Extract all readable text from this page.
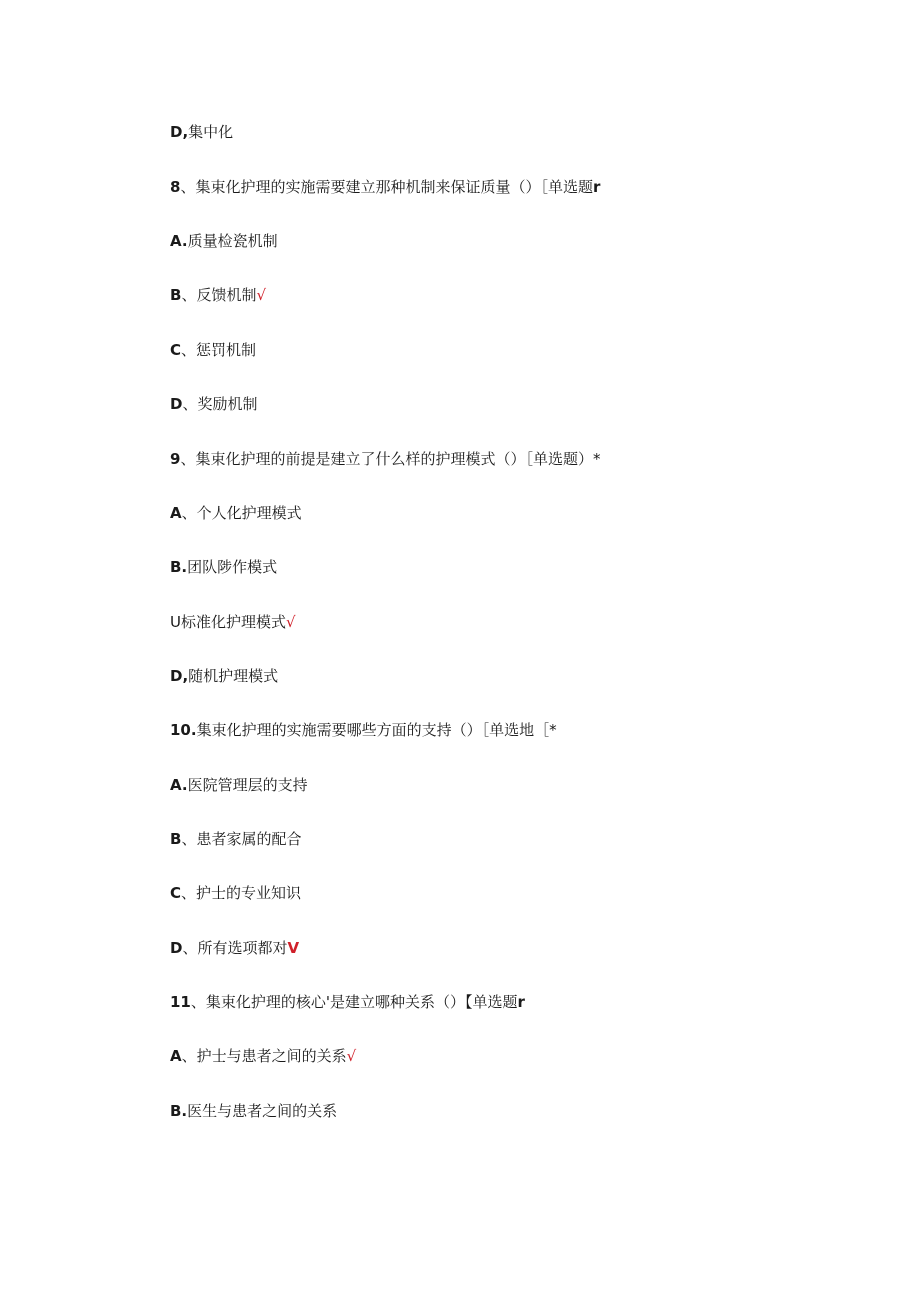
D,集中化
8、集束化护理的实施需要建立那种机制来保证质量（）［单选题r
A.质量检瓷机制
B、反馈机制√
C、惩罚机制
D、奖励机制
9、集束化护理的前提是建立了什么样的护理模式（）［单选题）*
A、个人化护理模式
B.团队陟作模式
U标准化护理模式√
D,随机护理模式
10.集束化护理的实施需要哪些方面的支持（）［单选地［*
A.医院管理层的支持
B、患者家属的配合
C、护士的专业知识
D、所有选项都对V
11、集束化护理的核心'是建立哪种关系（）【单选题r
A、护士与患者之间的关系√
B.医生与患者之间的关系
